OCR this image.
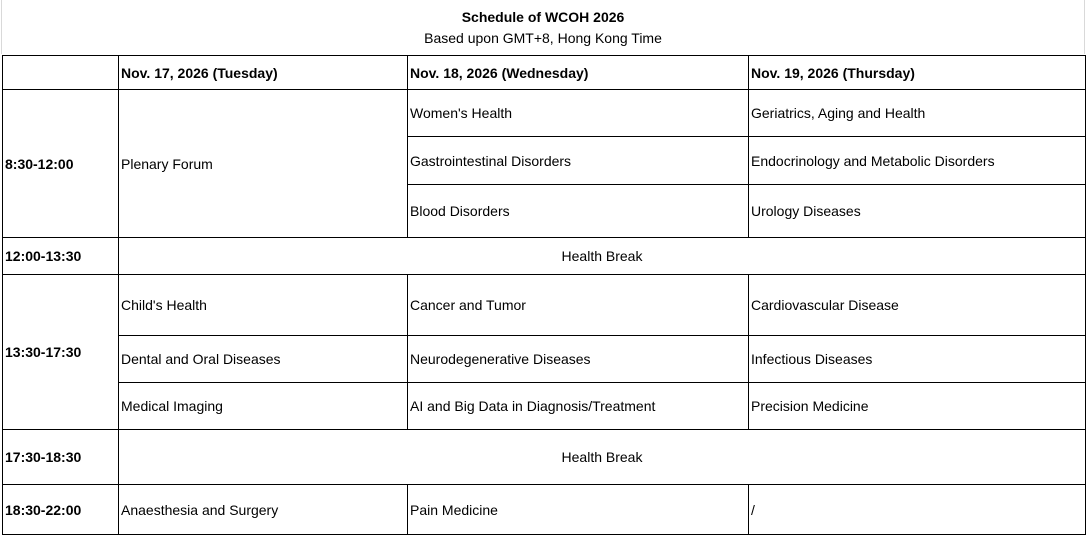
Schedule of WCOH 2026
Based upon GMT+8, Hong Kong Time
	Nov. 17, 2026 (Tuesday)	Nov. 18, 2026 (Wednesday)	Nov. 19, 2026 (Thursday)
8:30-12:00	Plenary Forum	Women's Health	Geriatrics, Aging and Health
		Gastrointestinal Disorders	Endocrinology and Metabolic Disorders
		Blood Disorders	Urology Diseases
12:00-13:30	Health Break		
13:30-17:30	Child's Health	Cancer and Tumor	Cardiovascular Disease
	Dental and Oral Diseases	Neurodegenerative Diseases	Infectious Diseases
	Medical Imaging	AI and Big Data in Diagnosis/Treatment	Precision Medicine
17:30-18:30	Health Break		
18:30-22:00	Anaesthesia and Surgery	Pain Medicine	/
